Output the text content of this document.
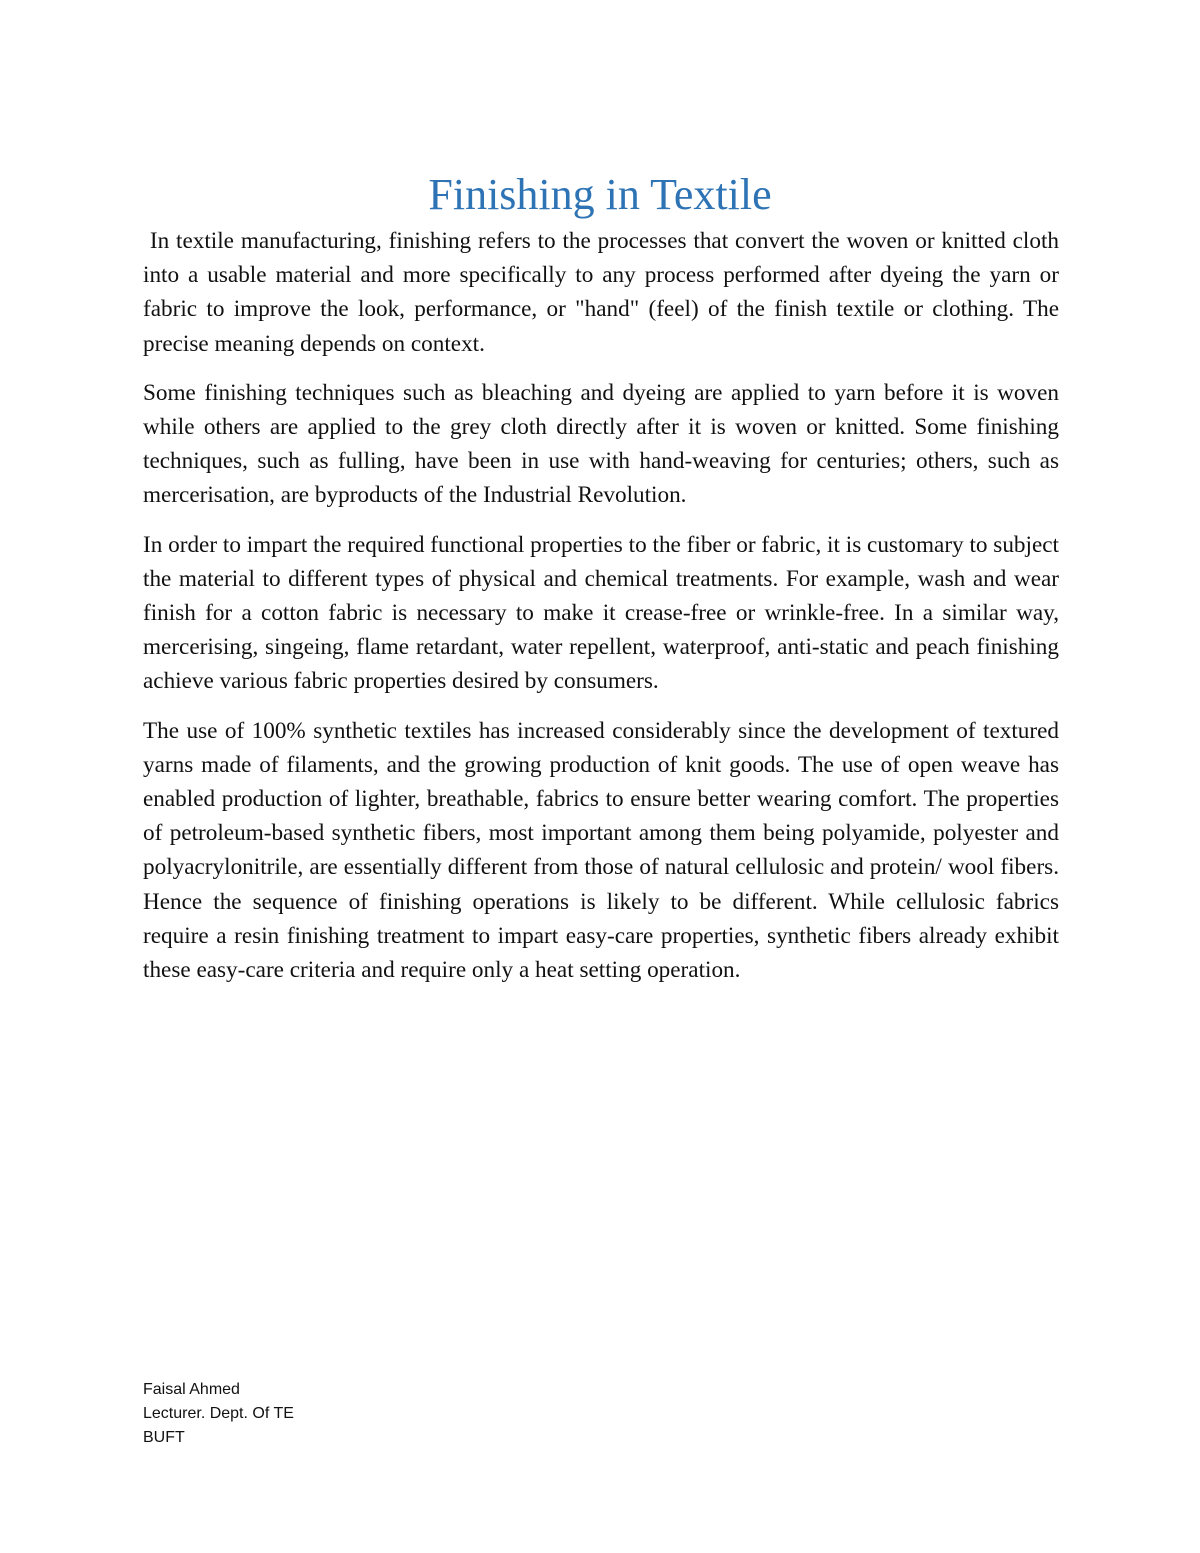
Finishing in Textile

In textile manufacturing, finishing refers to the processes that convert the woven or knitted cloth into a usable material and more specifically to any process performed after dyeing the yarn or fabric to improve the look, performance, or "hand" (feel) of the finish textile or clothing. The precise meaning depends on context.

Some finishing techniques such as bleaching and dyeing are applied to yarn before it is woven while others are applied to the grey cloth directly after it is woven or knitted. Some finishing techniques, such as fulling, have been in use with hand-weaving for centuries; others, such as mercerisation, are byproducts of the Industrial Revolution.

In order to impart the required functional properties to the fiber or fabric, it is customary to subject the material to different types of physical and chemical treatments. For example, wash and wear finish for a cotton fabric is necessary to make it crease-free or wrinkle-free. In a similar way, mercerising, singeing, flame retardant, water repellent, waterproof, anti-static and peach finishing achieve various fabric properties desired by consumers.

The use of 100% synthetic textiles has increased considerably since the development of textured yarns made of filaments, and the growing production of knit goods. The use of open weave has enabled production of lighter, breathable, fabrics to ensure better wearing comfort. The properties of petroleum-based synthetic fibers, most important among them being polyamide, polyester and polyacrylonitrile, are essentially different from those of natural cellulosic and protein/ wool fibers. Hence the sequence of finishing operations is likely to be different. While cellulosic fabrics require a resin finishing treatment to impart easy-care properties, synthetic fibers already exhibit these easy-care criteria and require only a heat setting operation.

Faisal Ahmed
Lecturer. Dept. Of TE
BUFT
